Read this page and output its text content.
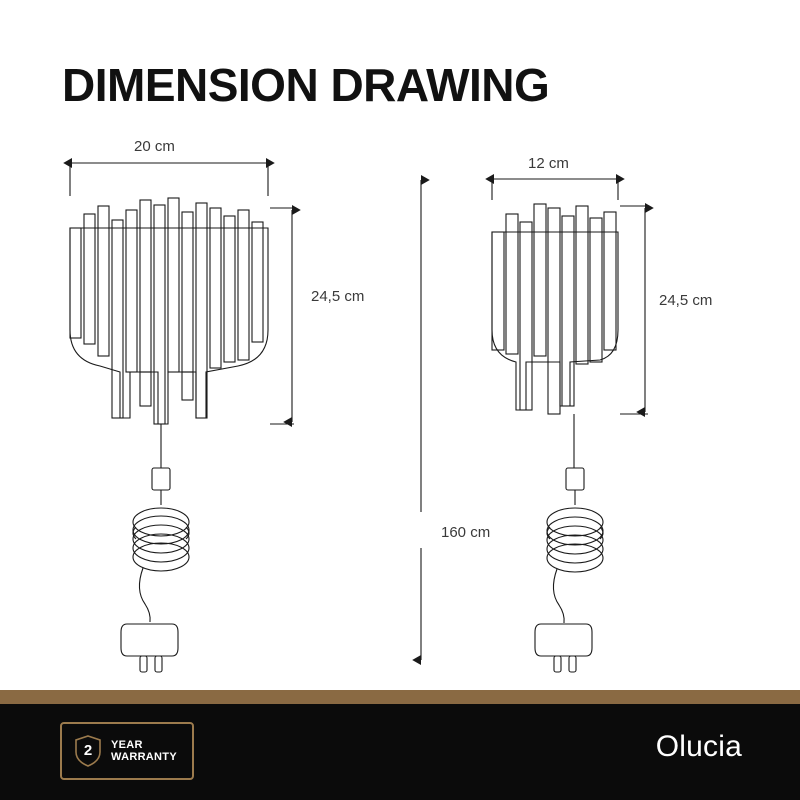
DIMENSION DRAWING
20 cm
24,5 cm
12 cm
24,5 cm
160 cm
2	YEAR
WARRANTY	Olucia
